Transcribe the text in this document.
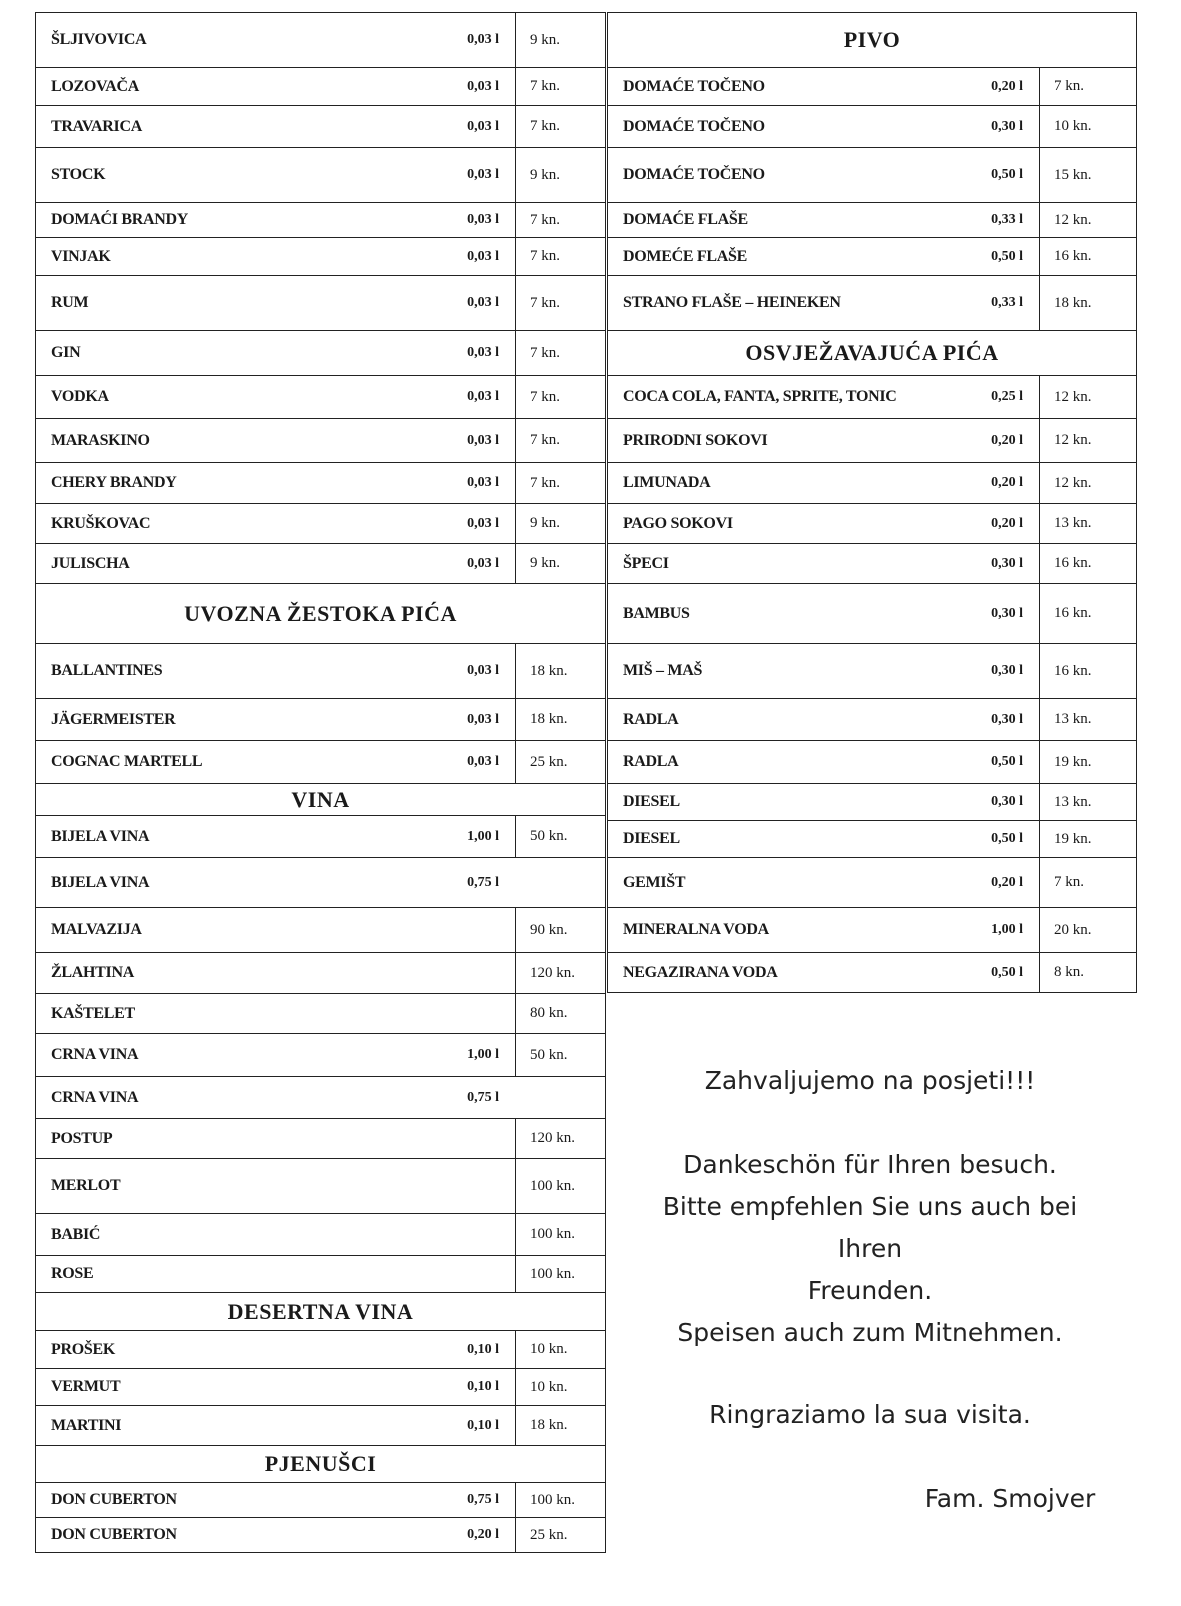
ŠLJIVOVICA	0,03 l	9 kn.
LOZOVAČA	0,03 l	7 kn.
TRAVARICA	0,03 l	7 kn.
STOCK	0,03 l	9 kn.
DOMAĆI BRANDY	0,03 l	7 kn.
VINJAK	0,03 l	7 kn.
RUM	0,03 l	7 kn.
GIN	0,03 l	7 kn.
VODKA	0,03 l	7 kn.
MARASKINO	0,03 l	7 kn.
CHERY BRANDY	0,03 l	7 kn.
KRUŠKOVAC	0,03 l	9 kn.
JULISCHA	0,03 l	9 kn.
UVOZNA ŽESTOKA PIĆA
BALLANTINES	0,03 l	18 kn.
JÄGERMEISTER	0,03 l	18 kn.
COGNAC MARTELL	0,03 l	25 kn.
VINA
BIJELA VINA	1,00 l	50 kn.
BIJELA VINA	0,75 l
MALVAZIJA	90 kn.
ŽLAHTINA	120 kn.
KAŠTELET	80 kn.
CRNA VINA	1,00 l	50 kn.
CRNA VINA	0,75 l
POSTUP	120 kn.
MERLOT	100 kn.
BABIĆ	100 kn.
ROSE	100 kn.
DESERTNA VINA
PROŠEK	0,10 l	10 kn.
VERMUT	0,10 l	10 kn.
MARTINI	0,10 l	18 kn.
PJENUŠCI
DON CUBERTON	0,75 l	100 kn.
DON CUBERTON	0,20 l	25 kn.
PIVO
DOMAĆE TOČENO	0,20 l	7 kn.
DOMAĆE TOČENO	0,30 l	10 kn.
DOMAĆE TOČENO	0,50 l	15 kn.
DOMAĆE FLAŠE	0,33 l	12 kn.
DOMEĆE FLAŠE	0,50 l	16 kn.
STRANO FLAŠE – HEINEKEN	0,33 l	18 kn.
OSVJEŽAVAJUĆA PIĆA
COCA COLA, FANTA, SPRITE, TONIC	0,25 l	12 kn.
PRIRODNI SOKOVI	0,20 l	12 kn.
LIMUNADA	0,20 l	12 kn.
PAGO SOKOVI	0,20 l	13 kn.
ŠPECI	0,30 l	16 kn.
BAMBUS	0,30 l	16 kn.
MIŠ – MAŠ	0,30 l	16 kn.
RADLA	0,30 l	13 kn.
RADLA	0,50 l	19 kn.
DIESEL	0,30 l	13 kn.
DIESEL	0,50 l	19 kn.
GEMIŠT	0,20 l	7 kn.
MINERALNA VODA	1,00 l	20 kn.
NEGAZIRANA VODA	0,50 l	8 kn.
Zahvaljujemo na posjeti!!!
Dankeschön für Ihren besuch.
Bitte empfehlen Sie uns auch bei
Ihren
Freunden.
Speisen auch zum Mitnehmen.
Ringraziamo la sua visita.
Fam. Smojver
